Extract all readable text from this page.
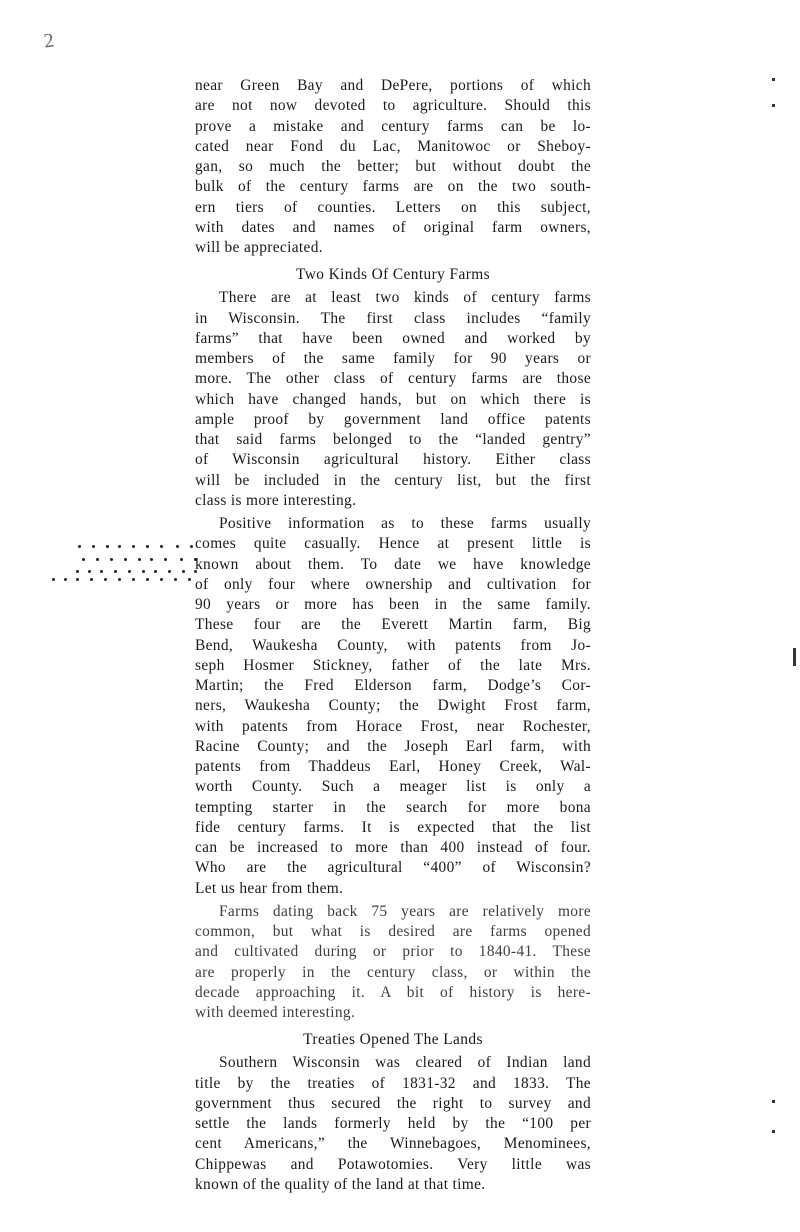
2
near Green Bay and DePere, portions of which
are not now devoted to agriculture. Should this
prove a mistake and century farms can be lo-
cated near Fond du Lac, Manitowoc or Sheboy-
gan, so much the better; but without doubt the
bulk of the century farms are on the two south-
ern tiers of counties. Letters on this subject,
with dates and names of original farm owners,
will be appreciated.
Two Kinds Of Century Farms
There are at least two kinds of century farms
in Wisconsin. The first class includes “family
farms” that have been owned and worked by
members of the same family for 90 years or
more. The other class of century farms are those
which have changed hands, but on which there is
ample proof by government land office patents
that said farms belonged to the “landed gentry”
of Wisconsin agricultural history. Either class
will be included in the century list, but the first
class is more interesting.
Positive information as to these farms usually
comes quite casually. Hence at present little is
known about them. To date we have knowledge
of only four where ownership and cultivation for
90 years or more has been in the same family.
These four are the Everett Martin farm, Big
Bend, Waukesha County, with patents from Jo-
seph Hosmer Stickney, father of the late Mrs.
Martin; the Fred Elderson farm, Dodge’s Cor-
ners, Waukesha County; the Dwight Frost farm,
with patents from Horace Frost, near Rochester,
Racine County; and the Joseph Earl farm, with
patents from Thaddeus Earl, Honey Creek, Wal-
worth County. Such a meager list is only a
tempting starter in the search for more bona
fide century farms. It is expected that the list
can be increased to more than 400 instead of four.
Who are the agricultural “400” of Wisconsin?
Let us hear from them.
Farms dating back 75 years are relatively more
common, but what is desired are farms opened
and cultivated during or prior to 1840-41. These
are properly in the century class, or within the
decade approaching it. A bit of history is here-
with deemed interesting.
Treaties Opened The Lands
Southern Wisconsin was cleared of Indian land
title by the treaties of 1831-32 and 1833. The
government thus secured the right to survey and
settle the lands formerly held by the “100 per
cent Americans,” the Winnebagoes, Menominees,
Chippewas and Potawotomies. Very little was
known of the quality of the land at that time.
